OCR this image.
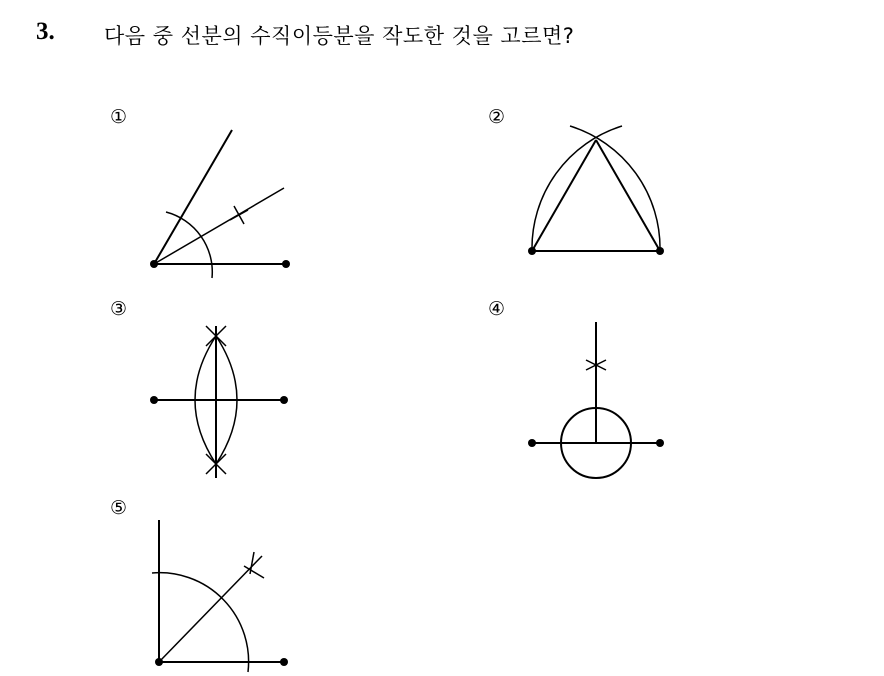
3. 다음 중 선분의 수직이등분을 작도한 것을 고르면?
①	②
③	④
⑤
